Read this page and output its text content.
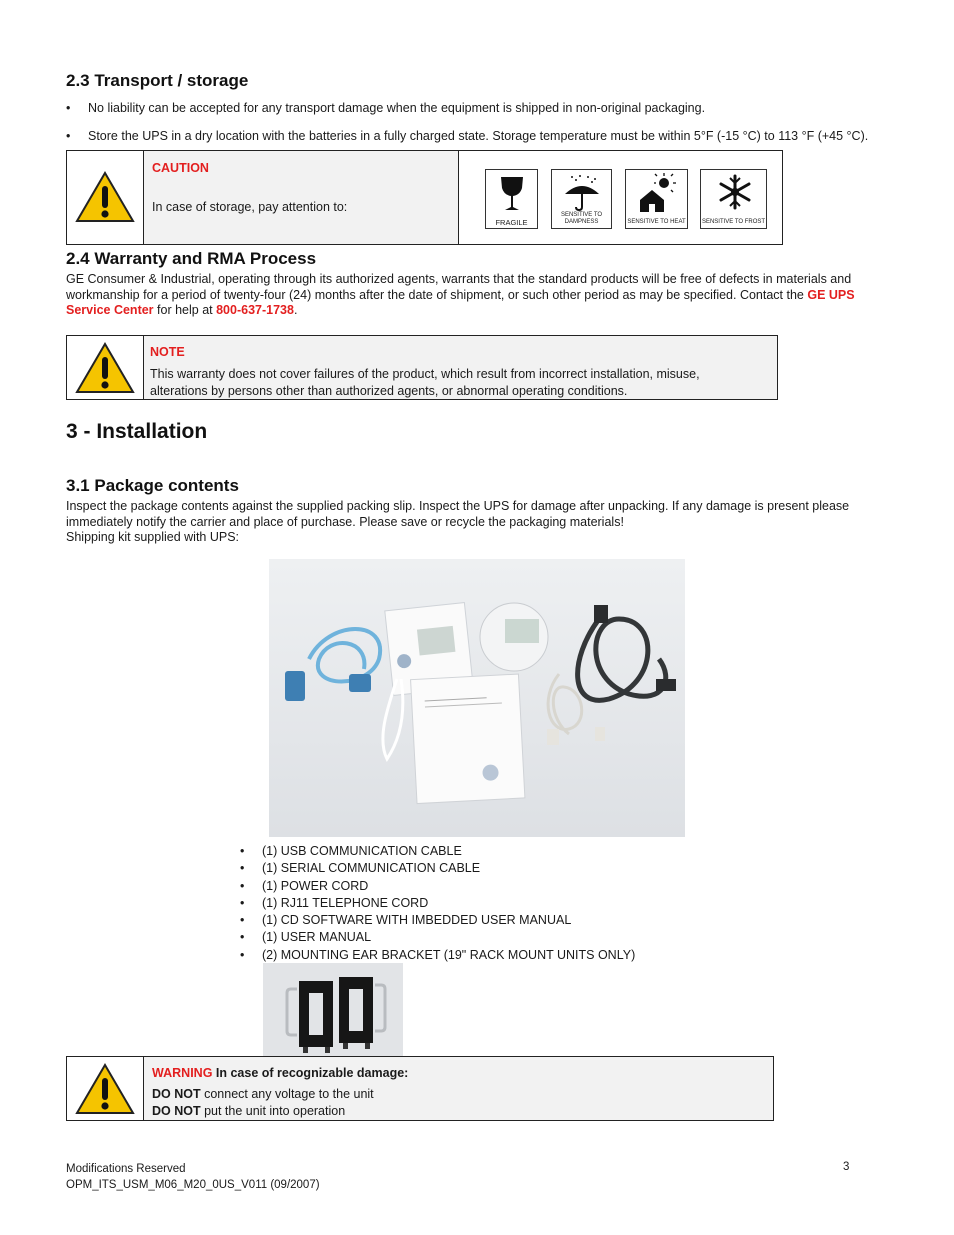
2.3 Transport / storage
• No liability can be accepted for any transport damage when the equipment is shipped in non-original packaging.
• Store the UPS in a dry location with the batteries in a fully charged state. Storage temperature must be within 5°F (-15 °C) to 113 °F (+45 °C).
CAUTION
In case of storage, pay attention to:
FRAGILE
SENSITIVE TO DAMPNESS	SENSITIVE TO HEAT	SENSITIVE TO FROST
2.4 Warranty and RMA Process
GE Consumer & Industrial, operating through its authorized agents, warrants that the standard products will be free of defects in materials and workmanship for a period of twenty-four (24) months after the date of shipment, or such other period as may be specified. Contact the GE UPS Service Center for help at 800-637-1738.
NOTE
This warranty does not cover failures of the product, which result from incorrect installation, misuse, alterations by persons other than authorized agents, or abnormal operating conditions.
3 - Installation
3.1 Package contents
Inspect the package contents against the supplied packing slip. Inspect the UPS for damage after unpacking. If any damage is present please immediately notify the carrier and place of purchase. Please save or recycle the packaging materials!
Shipping kit supplied with UPS:
• (1) USB COMMUNICATION CABLE
• (1) SERIAL COMMUNICATION CABLE
• (1) POWER CORD
• (1) RJ11 TELEPHONE CORD
• (1) CD SOFTWARE WITH IMBEDDED USER MANUAL
• (1) USER MANUAL
• (2) MOUNTING EAR BRACKET (19" RACK MOUNT UNITS ONLY)
WARNING In case of recognizable damage:
DO NOT connect any voltage to the unit
DO NOT put the unit into operation
Modifications Reserved
OPM_ITS_USM_M06_M20_0US_V011 (09/2007)
3
